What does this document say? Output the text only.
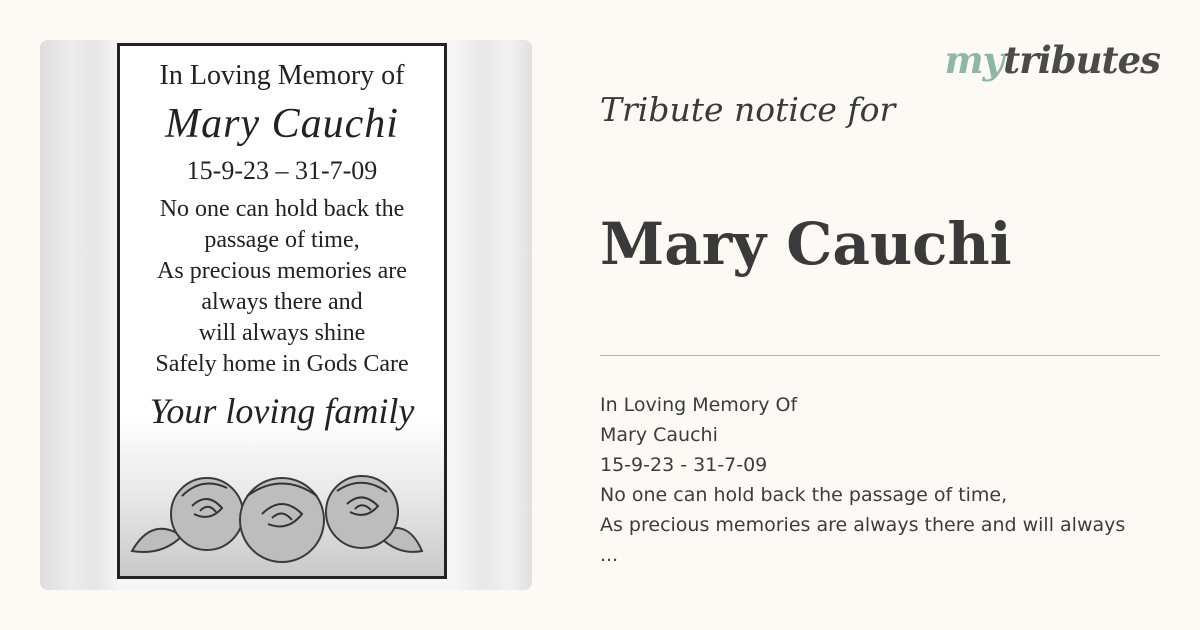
In Loving Memory of
Mary Cauchi
15-9-23 – 31-7-09
No one can hold back the
passage of time,
As precious memories are
always there and
will always shine
Safely home in Gods Care
Your loving family
mytributes
Tribute notice for
Mary Cauchi
In Loving Memory Of
Mary Cauchi
15-9-23 - 31-7-09
No one can hold back the passage of time,
As precious memories are always there and will always
...
